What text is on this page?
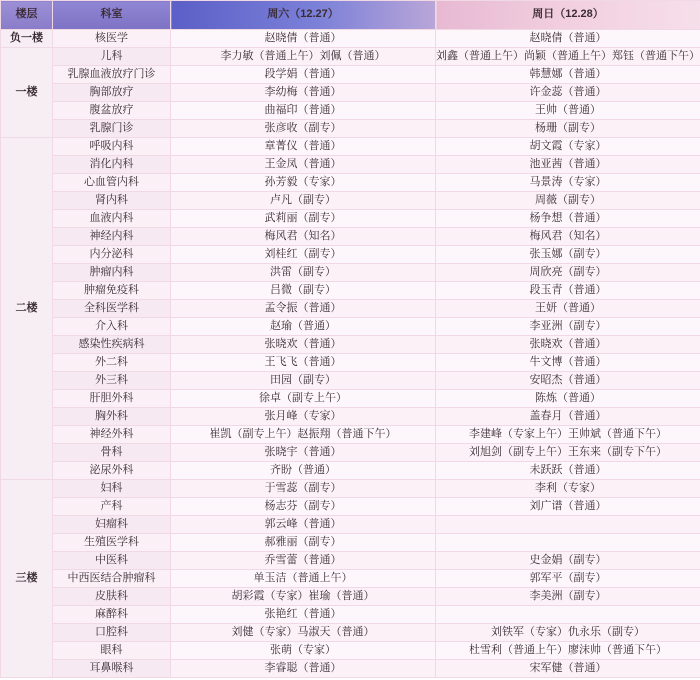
楼层	科室	周六（12.27）	周日（12.28）
负一楼	核医学	赵晓倩（普通）	赵晓倩（普通）
一楼	儿科	李力敏（普通上午）刘佩（普通）	刘鑫（普通上午）尚颖（普通上午）郑钰（普通下午）
	乳腺血液放疗门诊	段学娟（普通）	韩慧娜（普通）
	胸部放疗	李幼梅（普通）	许金蕊（普通）
	腹盆放疗	曲福印（普通）	王帅（普通）
	乳腺门诊	张彦收（副专）	杨珊（副专）
二楼	呼吸内科	章菁仪（普通）	胡文霞（专家）
	消化内科	王金凤（普通）	池亚茜（普通）
	心血管内科	孙芳毅（专家）	马景涛（专家）
	肾内科	卢凡（副专）	周薇（副专）
	血液内科	武莉丽（副专）	杨争想（普通）
	神经内科	梅风君（知名）	梅风君（知名）
	内分泌科	刘桂红（副专）	张玉娜（副专）
	肿瘤内科	洪雷（副专）	周欣亮（副专）
	肿瘤免疫科	吕微（副专）	段玉青（普通）
	全科医学科	孟令振（普通）	王妍（普通）
	介入科	赵瑜（普通）	李亚洲（副专）
	感染性疾病科	张晓欢（普通）	张晓欢（普通）
	外二科	王飞飞（普通）	牛文博（普通）
	外三科	田园（副专）	安昭杰（普通）
	肝胆外科	徐卓（副专上午）	陈炼（普通）
	胸外科	张月峰（专家）	盖春月（普通）
	神经外科	崔凯（副专上午）赵振翔（普通下午）	李建峰（专家上午）王帅斌（普通下午）
	骨科	张晓宇（普通）	刘旭剑（副专上午）王东来（副专下午）
	泌尿外科	齐盼（普通）	未跃跃（普通）
三楼	妇科	于雪蕊（副专）	李利（专家）
	产科	杨志芬（副专）	刘广谱（普通）
	妇瘤科	郭云峰（普通）	
	生殖医学科	郝雅丽（副专）	
	中医科	乔雪蕾（普通）	史金娟（副专）
	中西医结合肿瘤科	单玉洁（普通上午）	郭军平（副专）
	皮肤科	胡彩霞（专家）崔瑜（普通）	李美洲（副专）
	麻醉科	张艳红（普通）	
	口腔科	刘健（专家）马淑天（普通）	刘铁军（专家）仇永乐（副专）
	眼科	张萌（专家）	杜雪利（普通上午）廖沫帅（普通下午）
	耳鼻喉科	李睿聪（普通）	宋军健（普通）
